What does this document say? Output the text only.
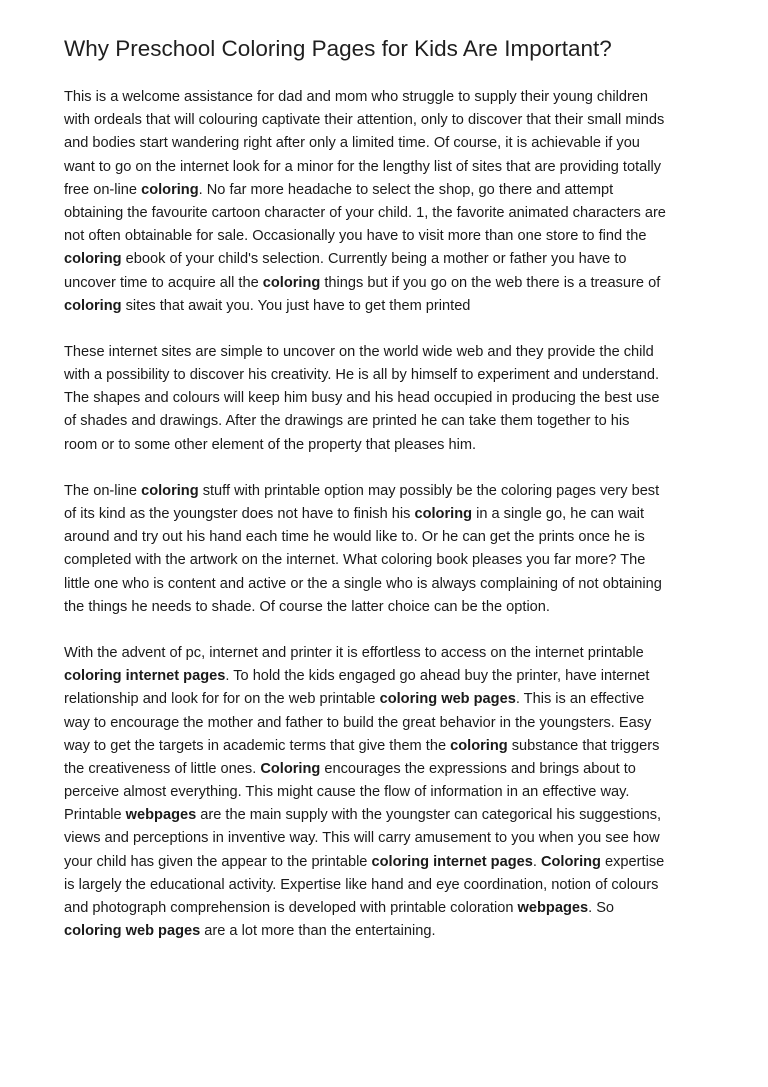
Why Preschool Coloring Pages for Kids Are Important?
This is a welcome assistance for dad and mom who struggle to supply their young children
with ordeals that will colouring captivate their attention, only to discover that their small minds
and bodies start wandering right after only a limited time. Of course, it is achievable if you
want to go on the internet look for a minor for the lengthy list of sites that are providing totally
free on-line coloring. No far more headache to select the shop, go there and attempt
obtaining the favourite cartoon character of your child. 1, the favorite animated characters are
not often obtainable for sale. Occasionally you have to visit more than one store to find the
coloring ebook of your child's selection. Currently being a mother or father you have to
uncover time to acquire all the coloring things but if you go on the web there is a treasure of
coloring sites that await you. You just have to get them printed
These internet sites are simple to uncover on the world wide web and they provide the child
with a possibility to discover his creativity. He is all by himself to experiment and understand.
The shapes and colours will keep him busy and his head occupied in producing the best use
of shades and drawings. After the drawings are printed he can take them together to his
room or to some other element of the property that pleases him.
The on-line coloring stuff with printable option may possibly be the coloring pages very best
of its kind as the youngster does not have to finish his coloring in a single go, he can wait
around and try out his hand each time he would like to. Or he can get the prints once he is
completed with the artwork on the internet. What coloring book pleases you far more? The
little one who is content and active or the a single who is always complaining of not obtaining
the things he needs to shade. Of course the latter choice can be the option.
With the advent of pc, internet and printer it is effortless to access on the internet printable
coloring internet pages. To hold the kids engaged go ahead buy the printer, have internet
relationship and look for for on the web printable coloring web pages. This is an effective
way to encourage the mother and father to build the great behavior in the youngsters. Easy
way to get the targets in academic terms that give them the coloring substance that triggers
the creativeness of little ones. Coloring encourages the expressions and brings about to
perceive almost everything. This might cause the flow of information in an effective way.
Printable webpages are the main supply with the youngster can categorical his suggestions,
views and perceptions in inventive way. This will carry amusement to you when you see how
your child has given the appear to the printable coloring internet pages. Coloring expertise
is largely the educational activity. Expertise like hand and eye coordination, notion of colours
and photograph comprehension is developed with printable coloration webpages. So
coloring web pages are a lot more than the entertaining.
